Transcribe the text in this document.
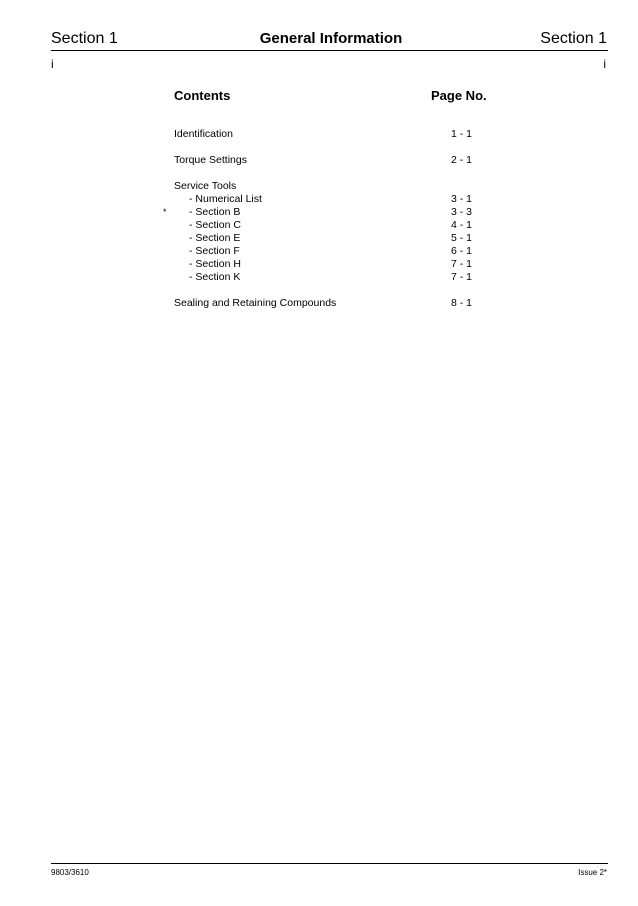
Section 1	General Information	Section 1
i	i
Contents	Page No.
Identification	1 - 1
Torque Settings	2 - 1
Service Tools
- Numerical List	3 - 1
* - Section B	3 - 3
- Section C	4 - 1
- Section E	5 - 1
- Section F	6 - 1
- Section H	7 - 1
- Section K	7 - 1
Sealing and Retaining Compounds	8 - 1
9803/3610	Issue 2*
